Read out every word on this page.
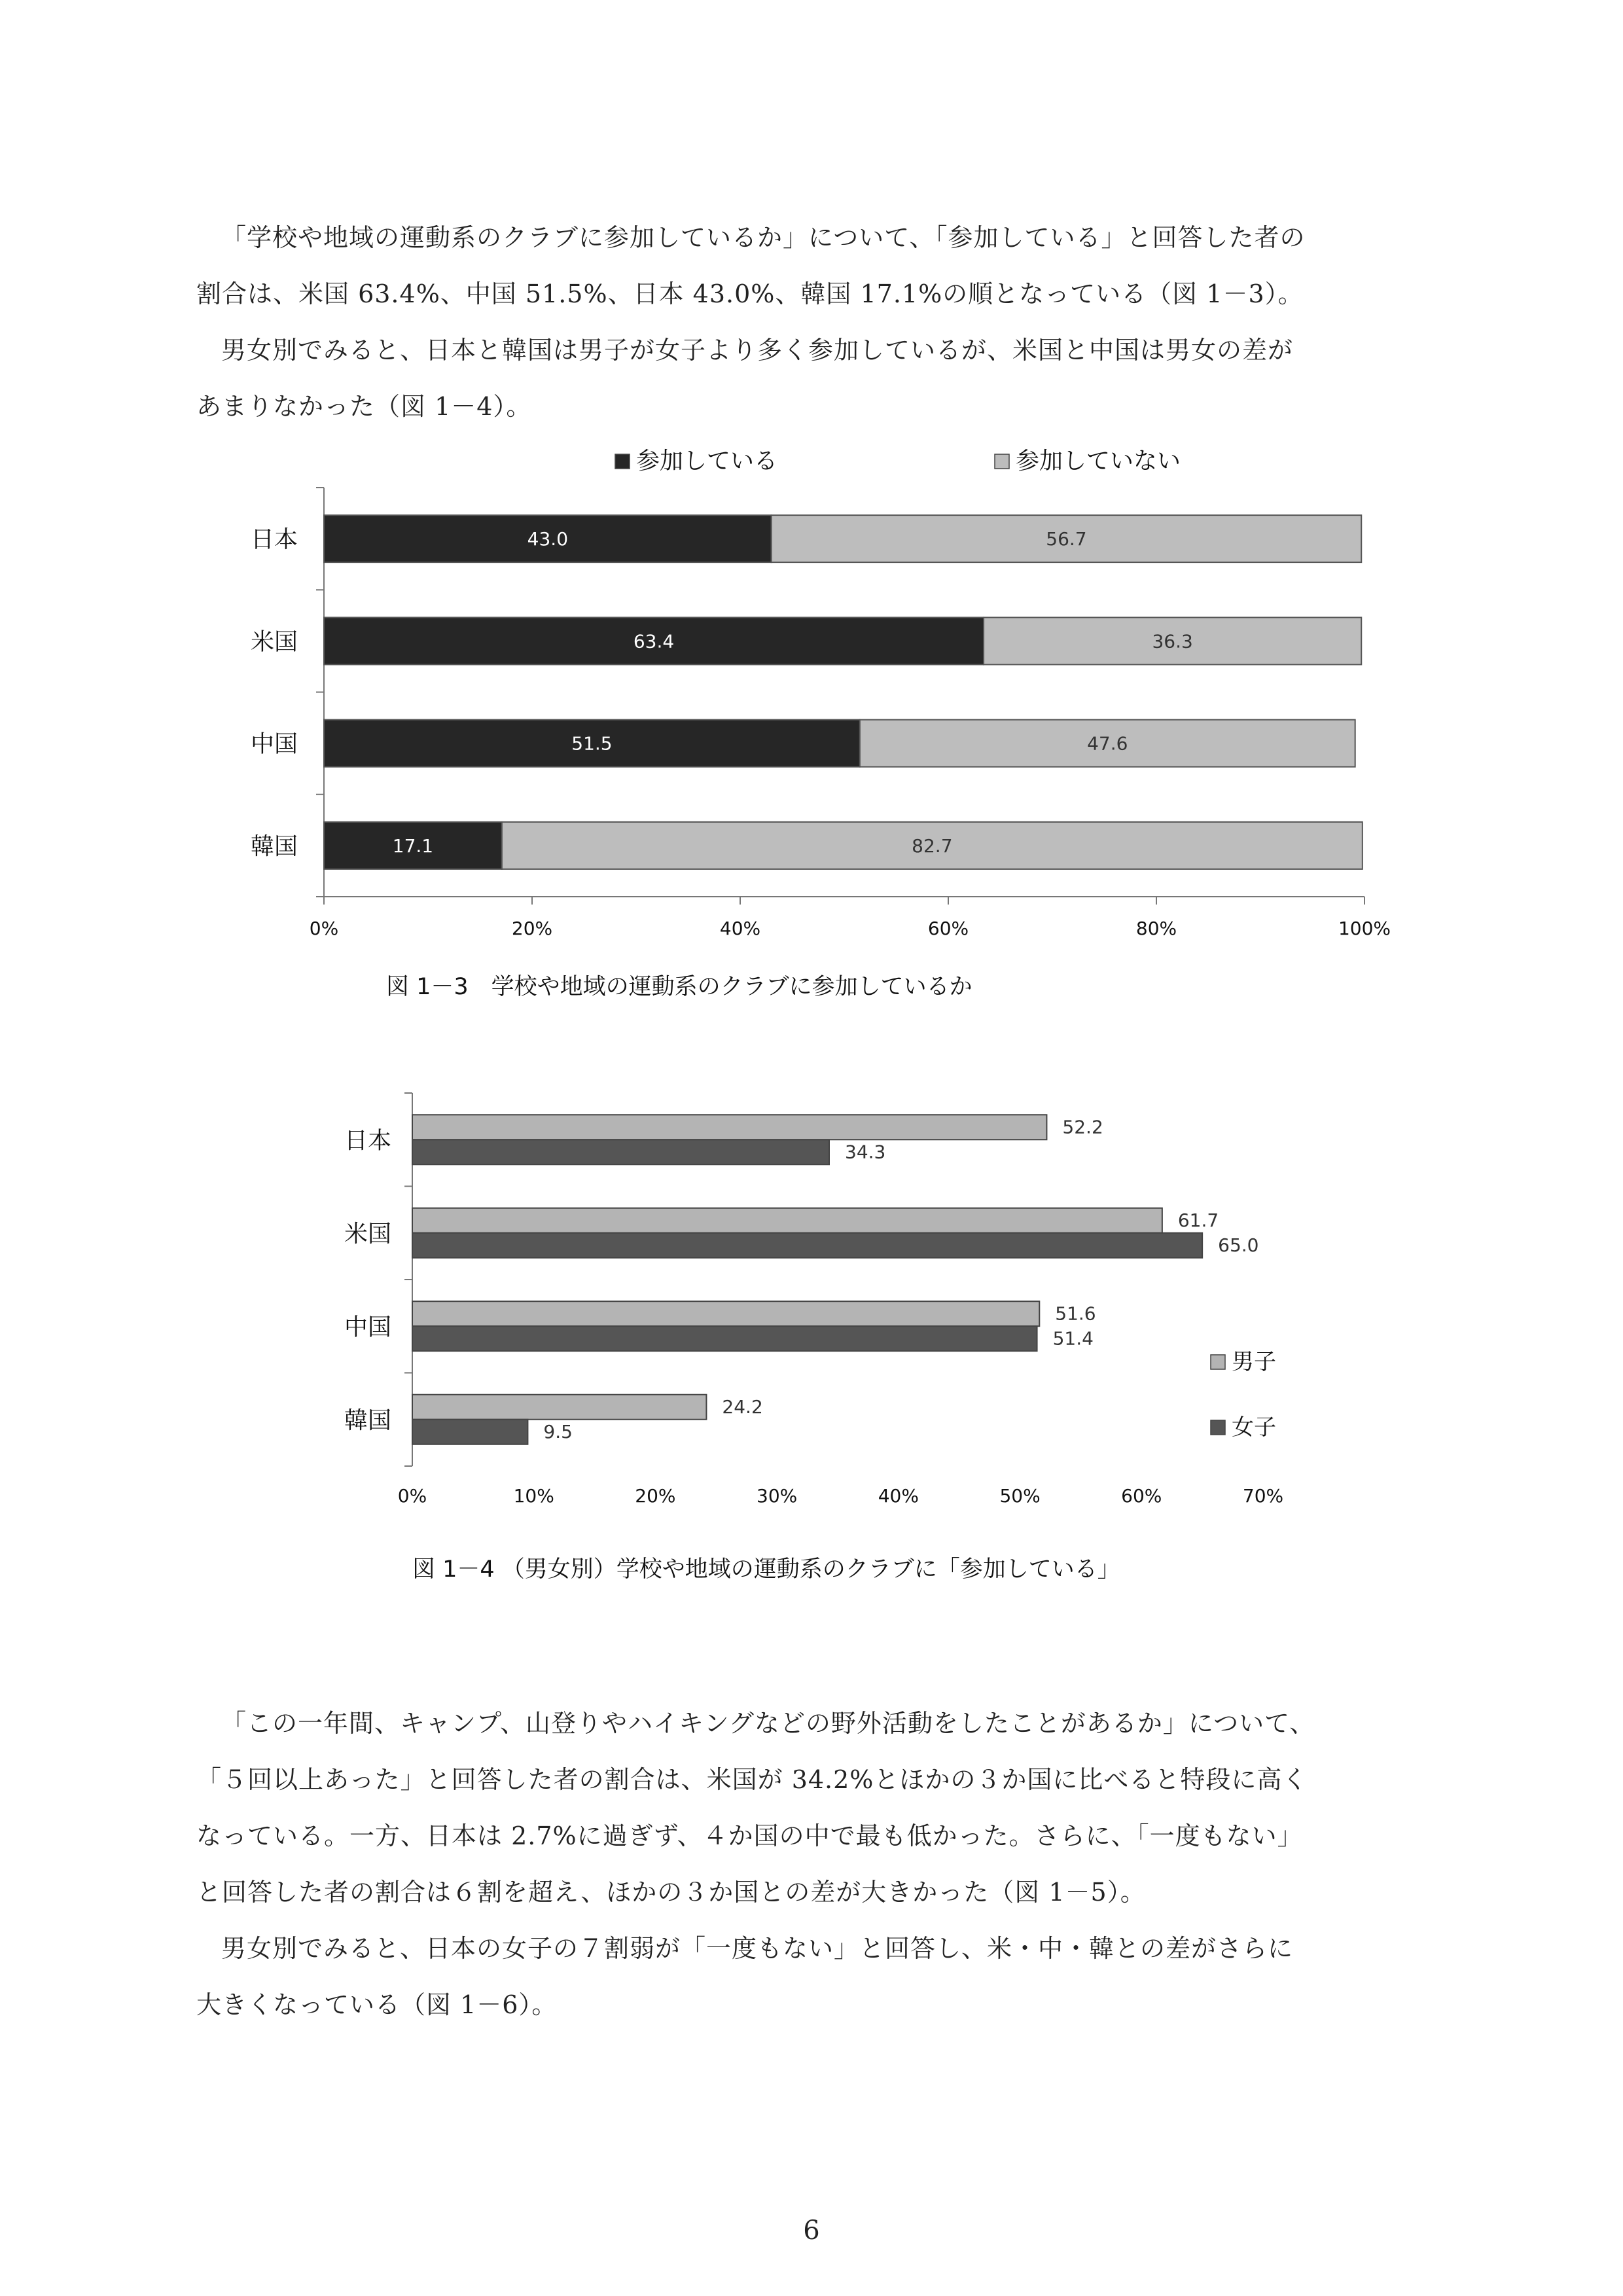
「学校や地域の運動系のクラブに参加しているか」について、「参加している」と回答した者の

割合は、米国 63.4%、中国 51.5%、日本 43.0%、韓国 17.1%の順となっている（図 1－3）。

男女別でみると、日本と韓国は男子が女子より多く参加しているが、米国と中国は男女の差が

あまりなかった（図 1－4）。

参加している	参加していない
0%	20%	40%	60%	80%	100%
日本	43.0	56.7
米国	63.4	36.3
中国	51.5	47.6
韓国	17.1	82.7
図 1－3　学校や地域の運動系のクラブに参加しているか
0%	10%	20%	30%	40%	50%	60%	70%
日本
52.2
34.3
米国
61.7
65.0
中国
51.6
51.4
韓国
24.2
9.5
男子
女子
図 1－4 （男女別）学校や地域の運動系のクラブに「参加している」

「この一年間、キャンプ、山登りやハイキングなどの野外活動をしたことがあるか」について、

「５回以上あった」と回答した者の割合は、米国が 34.2%とほかの３か国に比べると特段に高く

なっている。一方、日本は 2.7%に過ぎず、４か国の中で最も低かった。さらに、「一度もない」

と回答した者の割合は６割を超え、ほかの３か国との差が大きかった（図 1－5）。

男女別でみると、日本の女子の７割弱が「一度もない」と回答し、米・中・韓との差がさらに

大きくなっている（図 1－6）。

6
